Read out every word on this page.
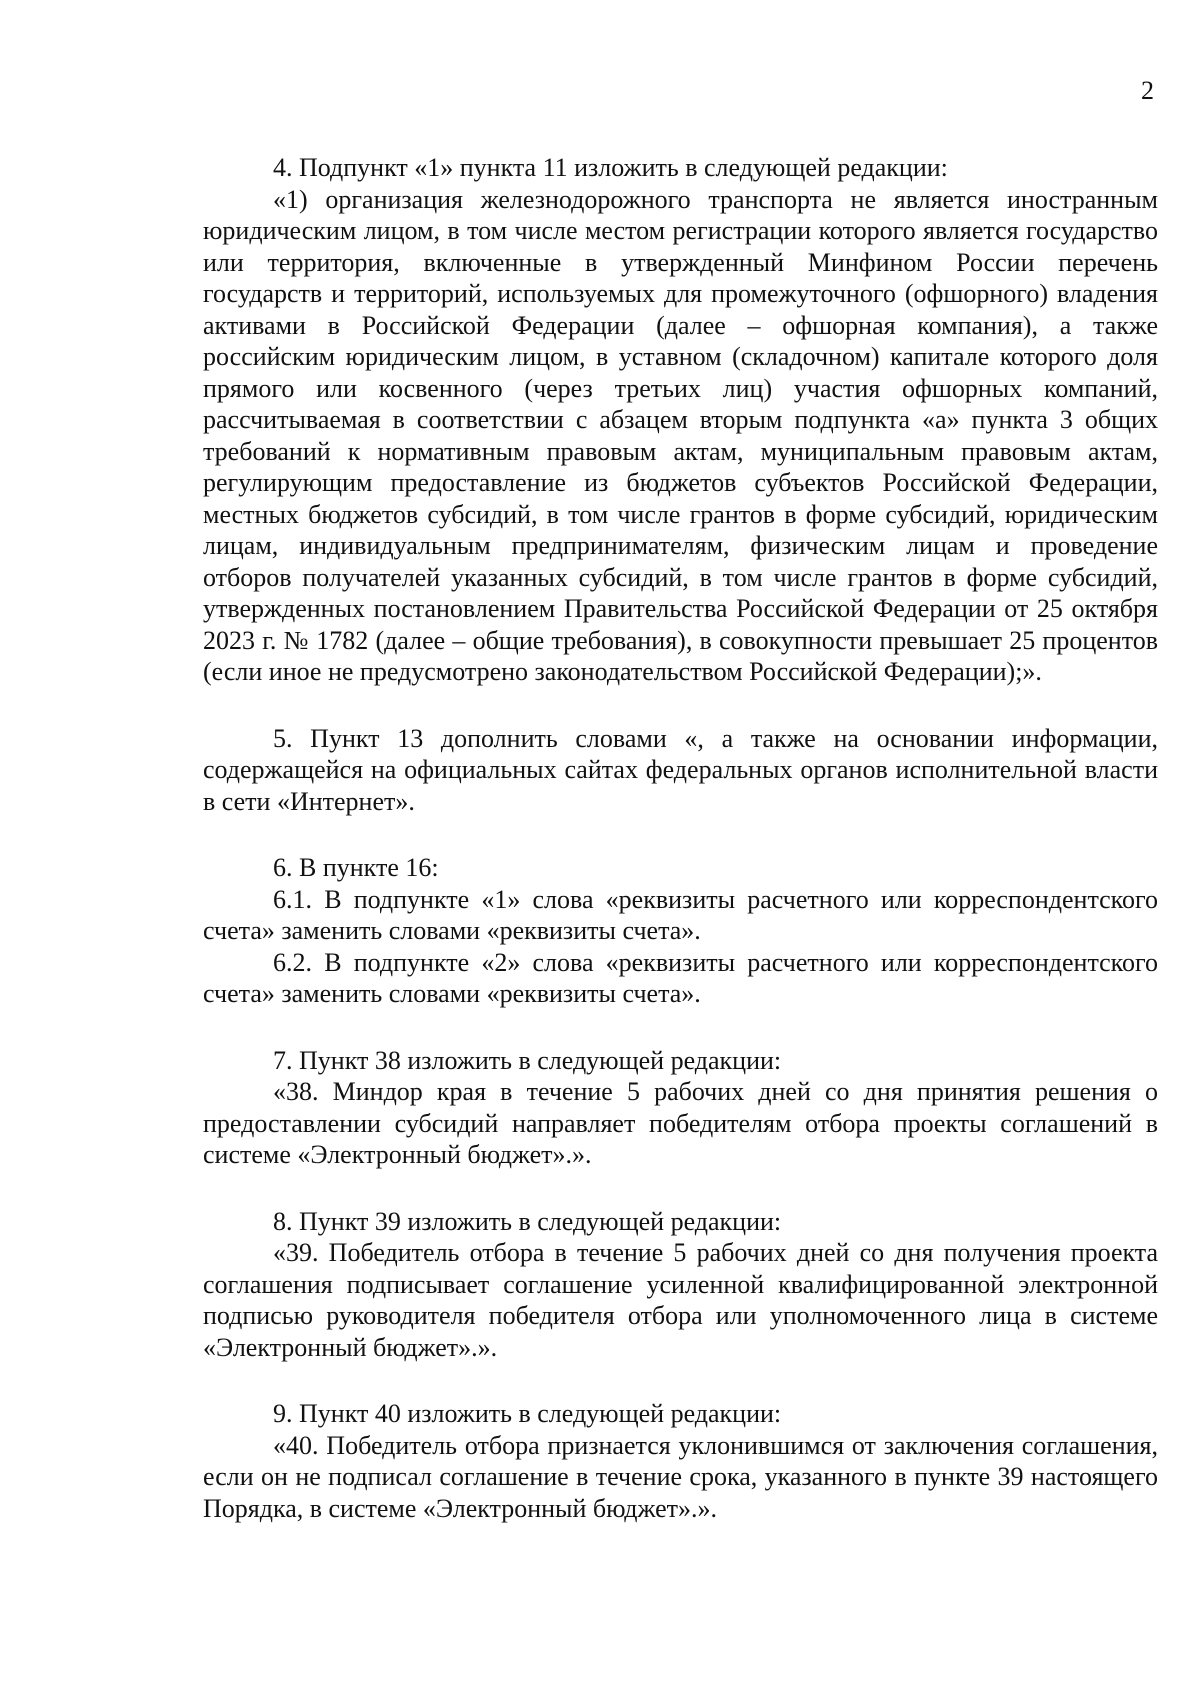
2

4. Подпункт «1» пункта 11 изложить в следующей редакции:

«1) организация железнодорожного транспорта не является иностранным юридическим лицом, в том числе местом регистрации которого является государство или территория, включенные в утвержденный Минфином России перечень государств и территорий, используемых для промежуточного (офшорного) владения активами в Российской Федерации (далее – офшорная компания), а также российским юридическим лицом, в уставном (складочном) капитале которого доля прямого или косвенного (через третьих лиц) участия офшорных компаний, рассчитываемая в соответствии с абзацем вторым подпункта «а» пункта 3 общих требований к нормативным правовым актам, муниципальным правовым актам, регулирующим предоставление из бюджетов субъектов Российской Федерации, местных бюджетов субсидий, в том числе грантов в форме субсидий, юридическим лицам, индивидуальным предпринимателям, физическим лицам и проведение отборов получателей указанных субсидий, в том числе грантов в форме субсидий, утвержденных постановлением Правительства Российской Федерации от 25 октября 2023 г. № 1782 (далее – общие требования), в совокупности превышает 25 процентов (если иное не предусмотрено законодательством Российской Федерации);».

5. Пункт 13 дополнить словами «, а также на основании информации, содержащейся на официальных сайтах федеральных органов исполнительной власти в сети «Интернет».

6. В пункте 16:

6.1. В подпункте «1» слова «реквизиты расчетного или корреспондентского счета» заменить словами «реквизиты счета».

6.2. В подпункте «2» слова «реквизиты расчетного или корреспондентского счета» заменить словами «реквизиты счета».

7. Пункт 38 изложить в следующей редакции:

«38. Миндор края в течение 5 рабочих дней со дня принятия решения о предоставлении субсидий направляет победителям отбора проекты соглашений в системе «Электронный бюджет».».

8. Пункт 39 изложить в следующей редакции:

«39. Победитель отбора в течение 5 рабочих дней со дня получения проекта соглашения подписывает соглашение усиленной квалифицированной электронной подписью руководителя победителя отбора или уполномоченного лица в системе «Электронный бюджет».».

9. Пункт 40 изложить в следующей редакции:

«40. Победитель отбора признается уклонившимся от заключения соглашения, если он не подписал соглашение в течение срока, указанного в пункте 39 настоящего Порядка, в системе «Электронный бюджет».».
